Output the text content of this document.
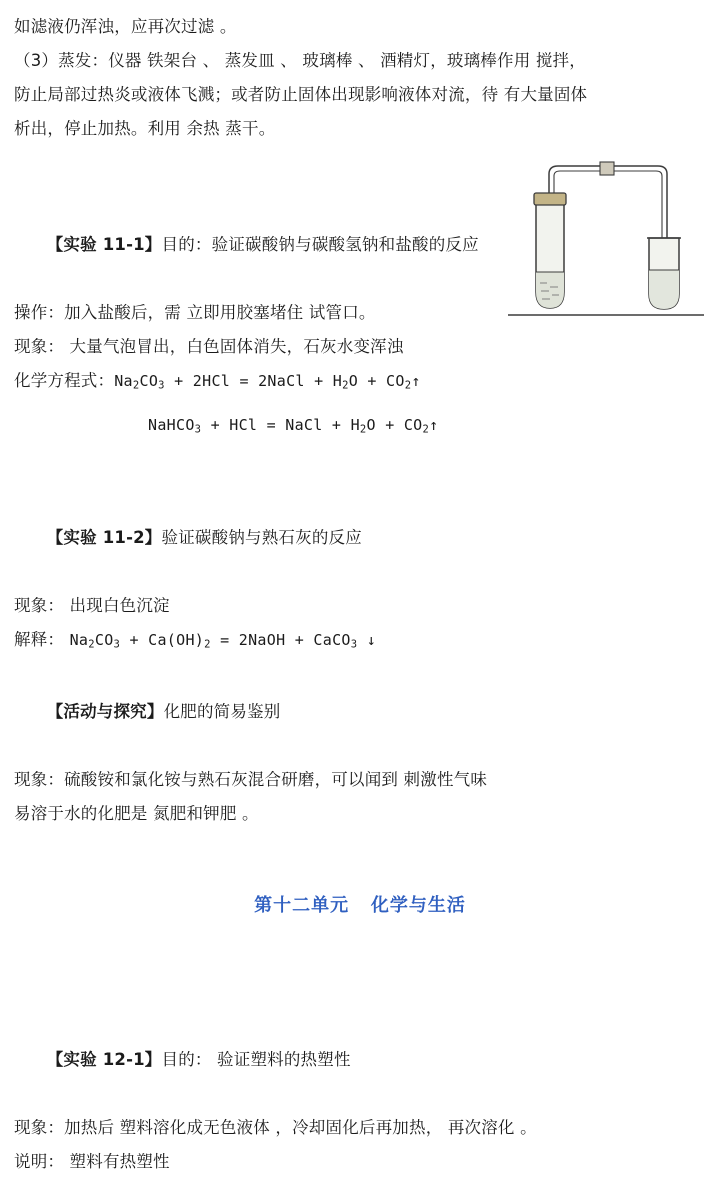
如滤液仍浑浊，应再次过滤 。

（3）蒸发：仪器 铁架台 、 蒸发皿 、 玻璃棒 、 酒精灯，玻璃棒作用 搅拌，

防止局部过热炎或液体飞溅；或者防止固体出现影响液体对流，待 有大量固体

析出，停止加热。利用 余热 蒸干。

【实验 11-1】目的：验证碳酸钠与碳酸氢钠和盐酸的反应

操作：加入盐酸后，需 立即用胶塞堵住 试管口。

现象： 大量气泡冒出，白色固体消失，石灰水变浑浊

化学方程式：$Na_2CO_3 + 2HCl$ = 2NaCl + $H_2O$ + $CO_2↑$

NaHCO$_3$ + HCl = NaCl + $H_2O$ + $CO_2↑$

【实验 11-2】验证碳酸钠与熟石灰的反应

现象： 出现白色沉淀

解释： $Na_2CO_3 + Ca(OH)_2$ = 2NaOH + CaCO$_3$ ↓

【活动与探究】化肥的简易鉴别

现象：硫酸铵和氯化铵与熟石灰混合研磨，可以闻到 刺激性气味

易溶于水的化肥是 氮肥和钾肥 。

第十二单元   化学与生活

【实验 12-1】目的： 验证塑料的热塑性

现象：加热后 塑料溶化成无色液体 ，冷却固化后再加热， 再次溶化 。

说明： 塑料有热塑性
